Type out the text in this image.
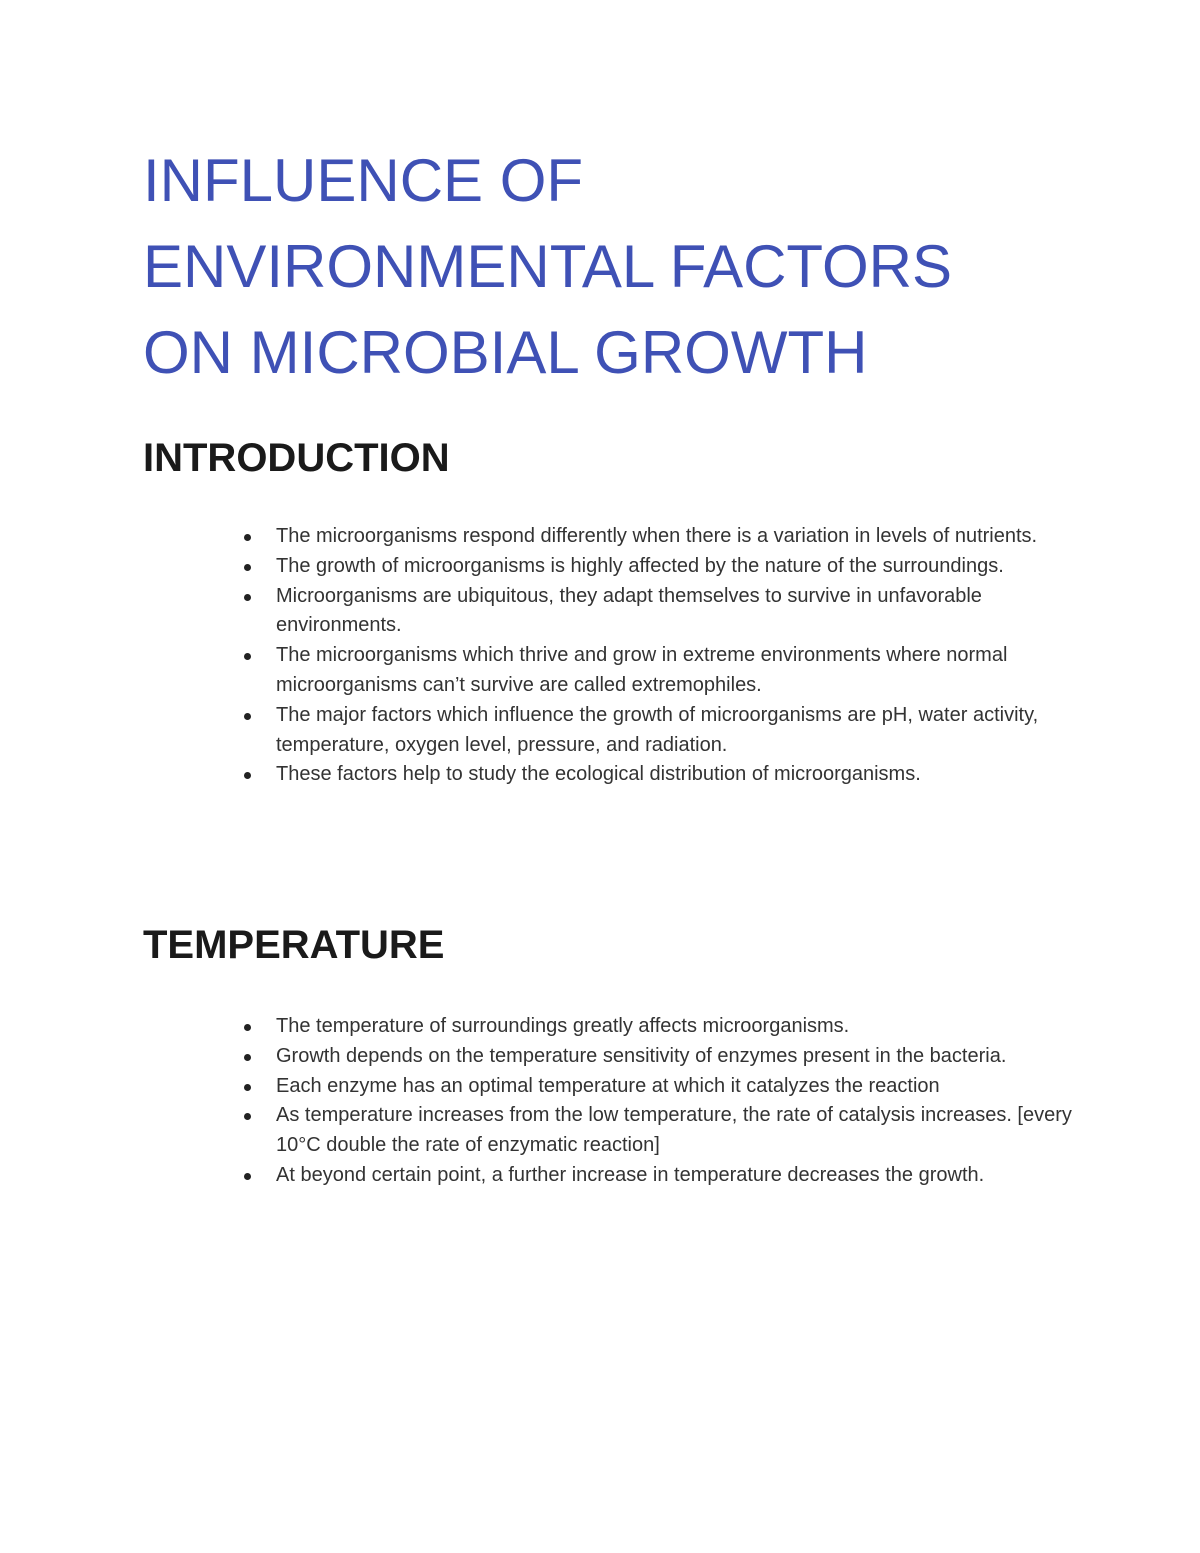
INFLUENCE OF
ENVIRONMENTAL FACTORS
ON MICROBIAL GROWTH
INTRODUCTION
The microorganisms respond differently when there is a variation in levels of nutrients.
The growth of microorganisms is highly affected by the nature of the surroundings.
Microorganisms are ubiquitous, they adapt themselves to survive in unfavorable environments.
The microorganisms which thrive and grow in extreme environments where normal microorganisms can’t survive are called extremophiles.
The major factors which influence the growth of microorganisms are pH, water activity, temperature, oxygen level, pressure, and radiation.
These factors help to study the ecological distribution of microorganisms.
TEMPERATURE
The temperature of surroundings greatly affects microorganisms.
Growth depends on the temperature sensitivity of enzymes present in the bacteria.
Each enzyme has an optimal temperature at which it catalyzes the reaction
As temperature increases from the low temperature, the rate of catalysis increases. [every 10°C double the rate of enzymatic reaction]
At beyond certain point, a further increase in temperature decreases the growth.
